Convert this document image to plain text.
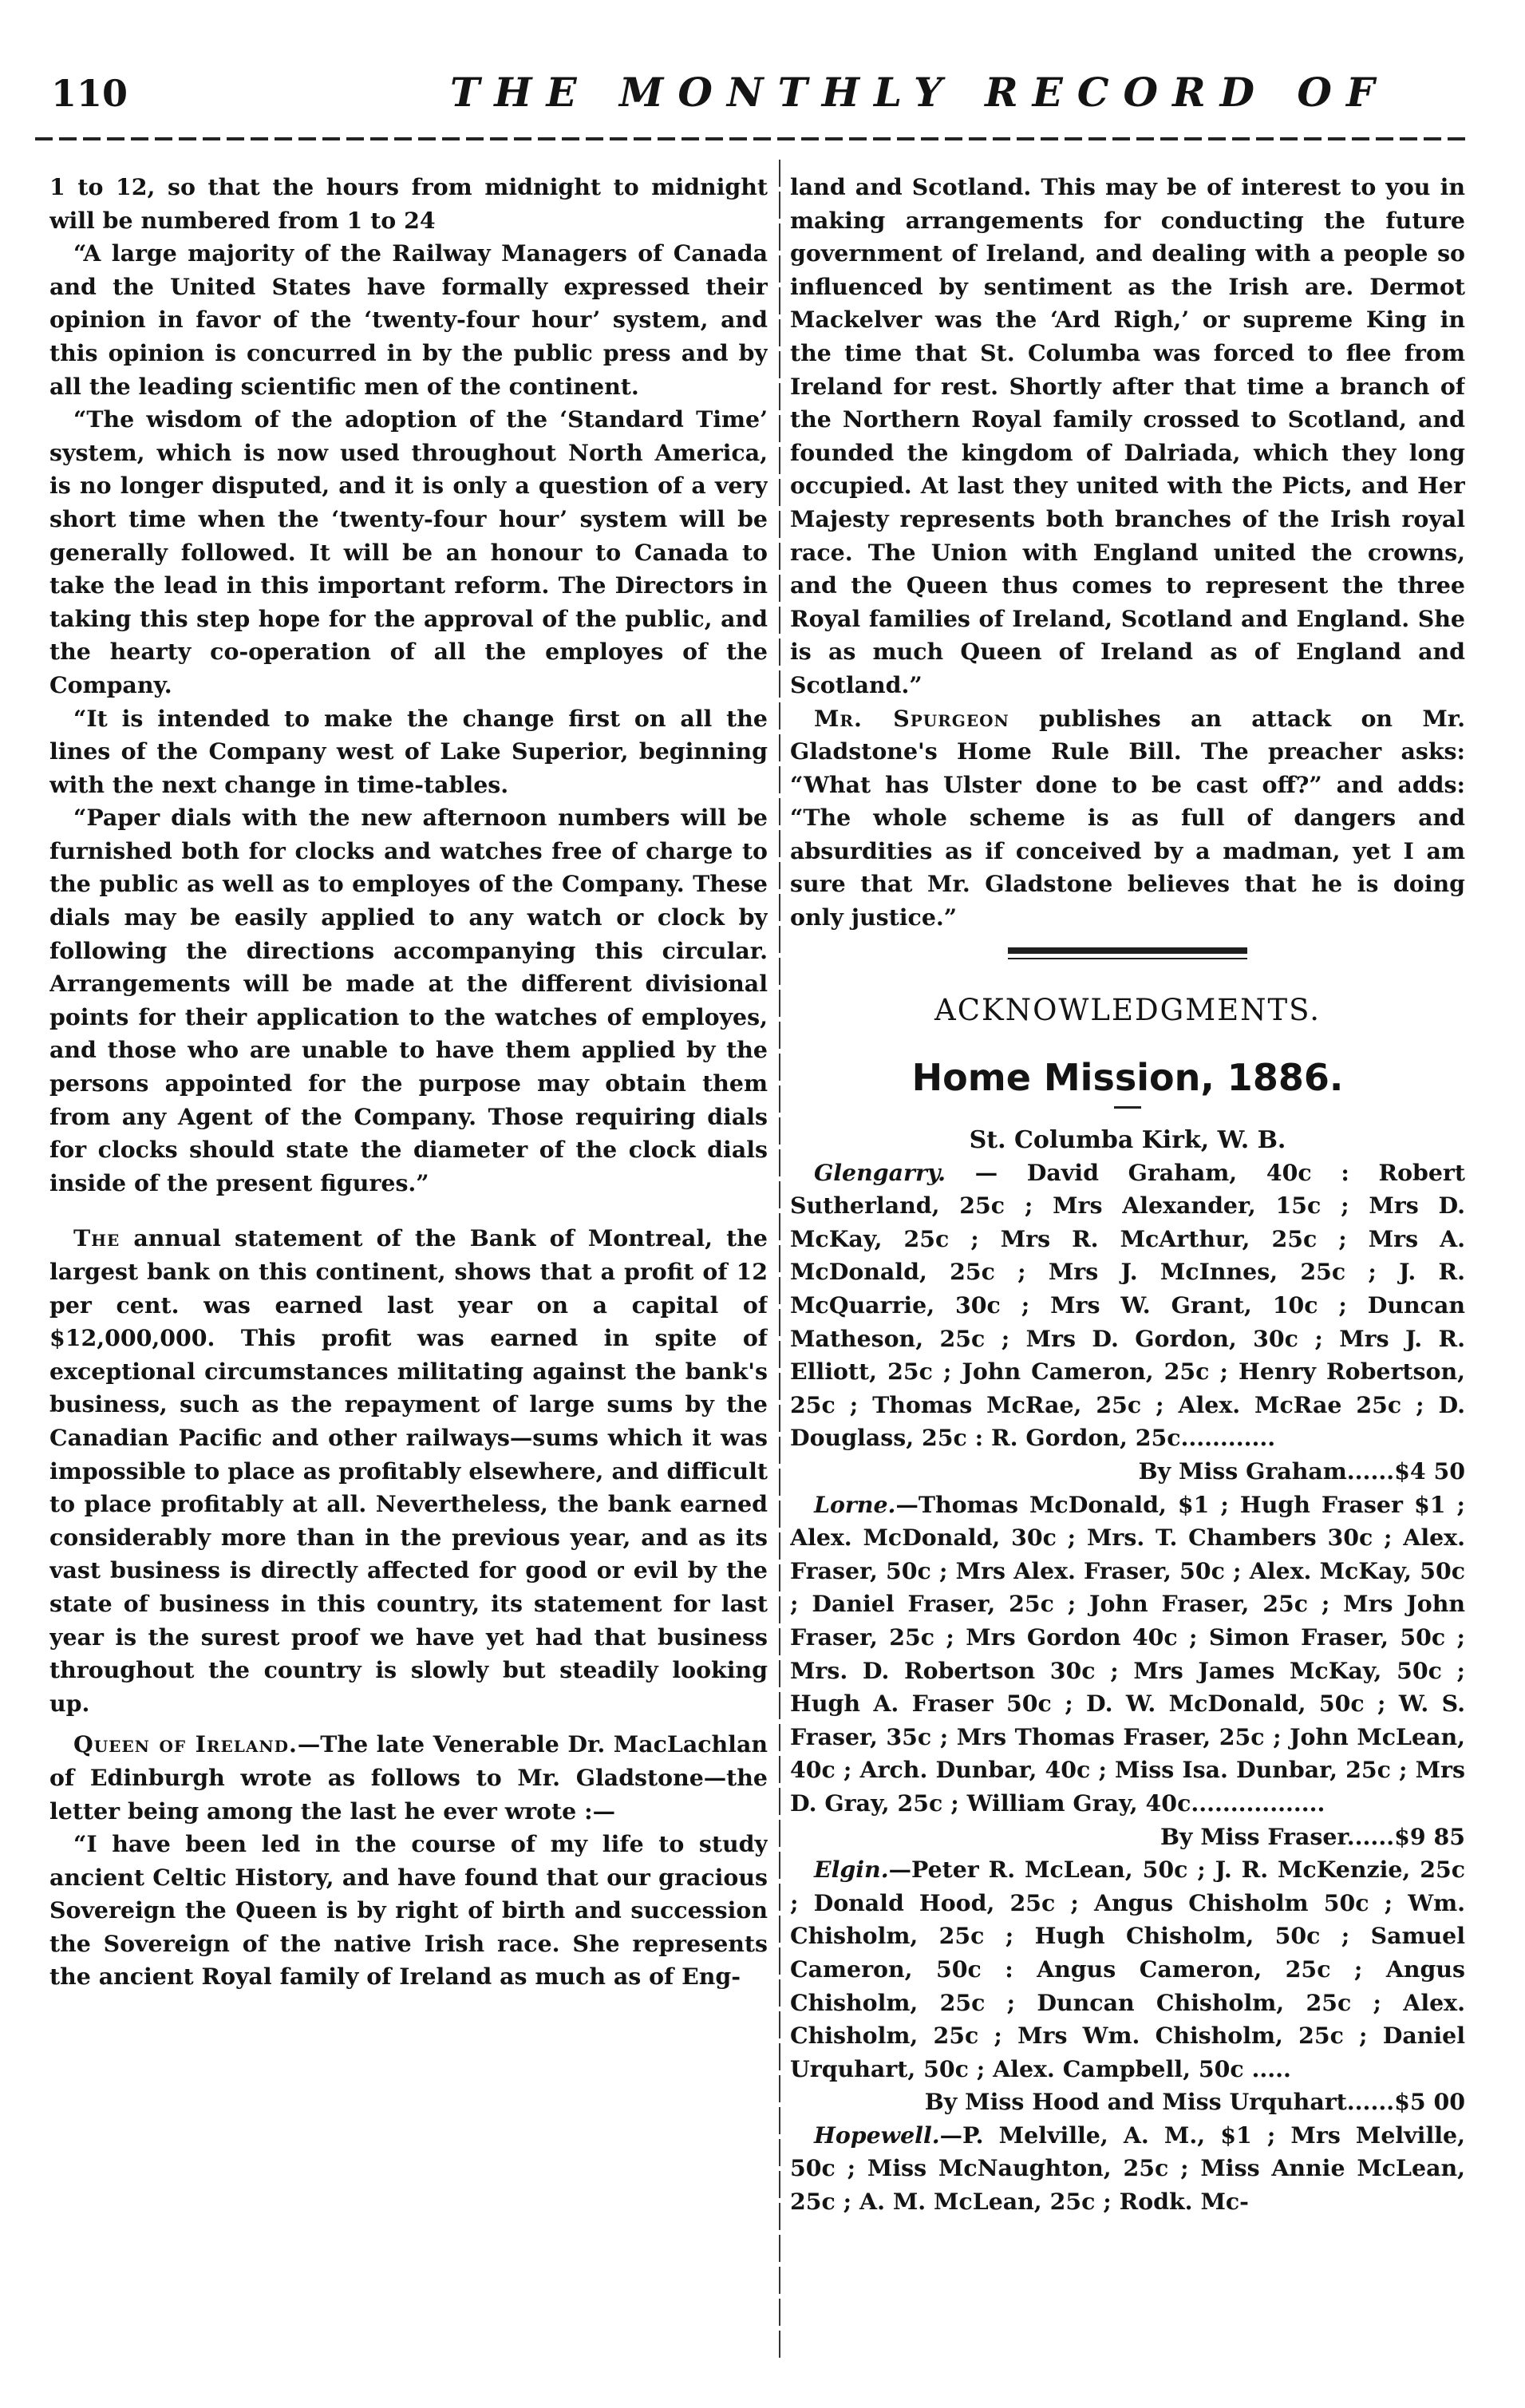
110	THE MONTHLY RECORD OF

1 to 12, so that the hours from midnight to midnight will be numbered from 1 to 24

“A large majority of the Railway Managers of Canada and the United States have formally expressed their opinion in favor of the ‘twenty-four hour’ system, and this opinion is concurred in by the public press and by all the leading scientific men of the continent.

“The wisdom of the adoption of the ‘Standard Time’ system, which is now used throughout North America, is no longer disputed, and it is only a question of a very short time when the ‘twenty-four hour’ system will be generally followed. It will be an honour to Canada to take the lead in this important reform. The Directors in taking this step hope for the approval of the public, and the hearty co-operation of all the employes of the Company.

“It is intended to make the change first on all the lines of the Company west of Lake Superior, beginning with the next change in time-tables.

“Paper dials with the new afternoon numbers will be furnished both for clocks and watches free of charge to the public as well as to employes of the Company. These dials may be easily applied to any watch or clock by following the directions accompanying this circular. Arrangements will be made at the different divisional points for their application to the watches of employes, and those who are unable to have them applied by the persons appointed for the purpose may obtain them from any Agent of the Company. Those requiring dials for clocks should state the diameter of the clock dials inside of the present figures.”

The annual statement of the Bank of Montreal, the largest bank on this continent, shows that a profit of 12 per cent. was earned last year on a capital of $12,000,000. This profit was earned in spite of exceptional circumstances militating against the bank's business, such as the repayment of large sums by the Canadian Pacific and other railways—sums which it was impossible to place as profitably elsewhere, and difficult to place profitably at all. Nevertheless, the bank earned considerably more than in the previous year, and as its vast business is directly affected for good or evil by the state of business in this country, its statement for last year is the surest proof we have yet had that business throughout the country is slowly but steadily looking up.

Queen of Ireland.—The late Venerable Dr. MacLachlan of Edinburgh wrote as follows to Mr. Gladstone—the letter being among the last he ever wrote :—

“I have been led in the course of my life to study ancient Celtic History, and have found that our gracious Sovereign the Queen is by right of birth and succession the Sovereign of the native Irish race. She represents the ancient Royal family of Ireland as much as of Eng-

land and Scotland. This may be of interest to you in making arrangements for conducting the future government of Ireland, and dealing with a people so influenced by sentiment as the Irish are. Dermot Mackelver was the ‘Ard Righ,’ or supreme King in the time that St. Columba was forced to flee from Ireland for rest. Shortly after that time a branch of the Northern Royal family crossed to Scotland, and founded the kingdom of Dalriada, which they long occupied. At last they united with the Picts, and Her Majesty represents both branches of the Irish royal race. The Union with England united the crowns, and the Queen thus comes to represent the three Royal families of Ireland, Scotland and England. She is as much Queen of Ireland as of England and Scotland.”

Mr. Spurgeon publishes an attack on Mr. Gladstone's Home Rule Bill. The preacher asks: “What has Ulster done to be cast off?” and adds: “The whole scheme is as full of dangers and absurdities as if conceived by a madman, yet I am sure that Mr. Gladstone believes that he is doing only justice.”

ACKNOWLEDGMENTS.
Home Mission, 1886.
St. Columba Kirk, W. B.

Glengarry. — David Graham, 40c : Robert Sutherland, 25c ; Mrs Alexander, 15c ; Mrs D. McKay, 25c ; Mrs R. McArthur, 25c ; Mrs A. McDonald, 25c ; Mrs J. McInnes, 25c ; J. R. McQuarrie, 30c ; Mrs W. Grant, 10c ; Duncan Matheson, 25c ; Mrs D. Gordon, 30c ; Mrs J. R. Elliott, 25c ; John Cameron, 25c ; Henry Robertson, 25c ; Thomas McRae, 25c ; Alex. McRae 25c ; D. Douglass, 25c : R. Gordon, 25c............

By Miss Graham......$4 50

Lorne.—Thomas McDonald, $1 ; Hugh Fraser $1 ; Alex. McDonald, 30c ; Mrs. T. Chambers 30c ; Alex. Fraser, 50c ; Mrs Alex. Fraser, 50c ; Alex. McKay, 50c ; Daniel Fraser, 25c ; John Fraser, 25c ; Mrs John Fraser, 25c ; Mrs Gordon 40c ; Simon Fraser, 50c ; Mrs. D. Robertson 30c ; Mrs James McKay, 50c ; Hugh A. Fraser 50c ; D. W. McDonald, 50c ; W. S. Fraser, 35c ; Mrs Thomas Fraser, 25c ; John McLean, 40c ; Arch. Dunbar, 40c ; Miss Isa. Dunbar, 25c ; Mrs D. Gray, 25c ; William Gray, 40c.................

By Miss Fraser......$9 85

Elgin.—Peter R. McLean, 50c ; J. R. McKenzie, 25c ; Donald Hood, 25c ; Angus Chisholm 50c ; Wm. Chisholm, 25c ; Hugh Chisholm, 50c ; Samuel Cameron, 50c : Angus Cameron, 25c ; Angus Chisholm, 25c ; Duncan Chisholm, 25c ; Alex. Chisholm, 25c ; Mrs Wm. Chisholm, 25c ; Daniel Urquhart, 50c ; Alex. Campbell, 50c .....

By Miss Hood and Miss Urquhart......$5 00

Hopewell.—P. Melville, A. M., $1 ; Mrs Melville, 50c ; Miss McNaughton, 25c ; Miss Annie McLean, 25c ; A. M. McLean, 25c ; Rodk. Mc-
